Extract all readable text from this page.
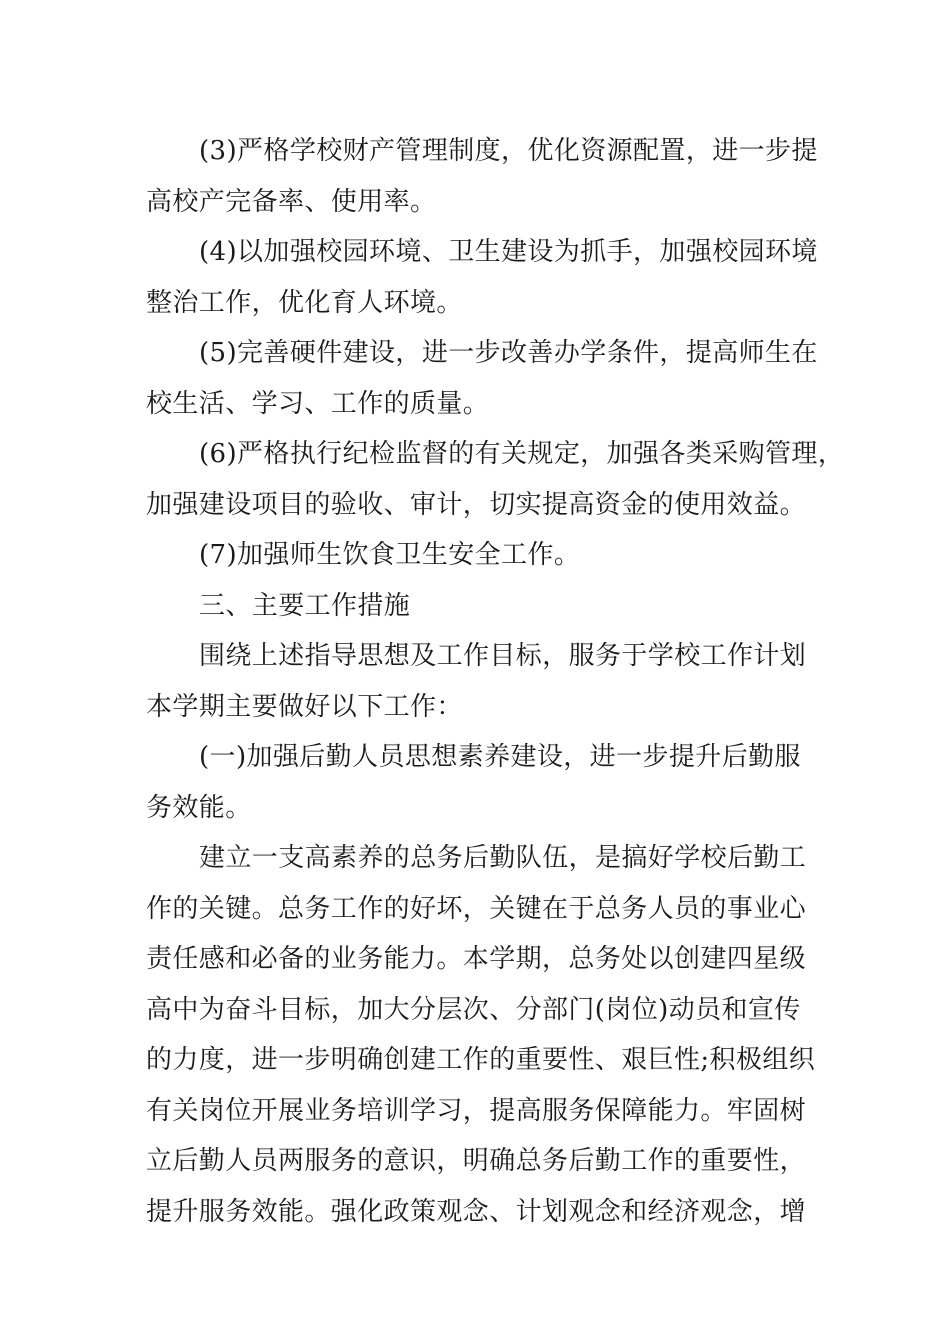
(3)严格学校财产管理制度，优化资源配置，进一步提
高校产完备率、使用率。
(4)以加强校园环境、卫生建设为抓手，加强校园环境
整治工作，优化育人环境。
(5)完善硬件建设，进一步改善办学条件，提高师生在
校生活、学习、工作的质量。
(6)严格执行纪检监督的有关规定，加强各类采购管理，
加强建设项目的验收、审计，切实提高资金的使用效益。
(7)加强师生饮食卫生安全工作。
三、主要工作措施
围绕上述指导思想及工作目标，服务于学校工作计划
本学期主要做好以下工作：
(一)加强后勤人员思想素养建设，进一步提升后勤服
务效能。
建立一支高素养的总务后勤队伍，是搞好学校后勤工
作的关键。总务工作的好坏，关键在于总务人员的事业心
责任感和必备的业务能力。本学期，总务处以创建四星级
高中为奋斗目标，加大分层次、分部门(岗位)动员和宣传
的力度，进一步明确创建工作的重要性、艰巨性;积极组织
有关岗位开展业务培训学习，提高服务保障能力。牢固树
立后勤人员两服务的意识，明确总务后勤工作的重要性，
提升服务效能。强化政策观念、计划观念和经济观念，增
